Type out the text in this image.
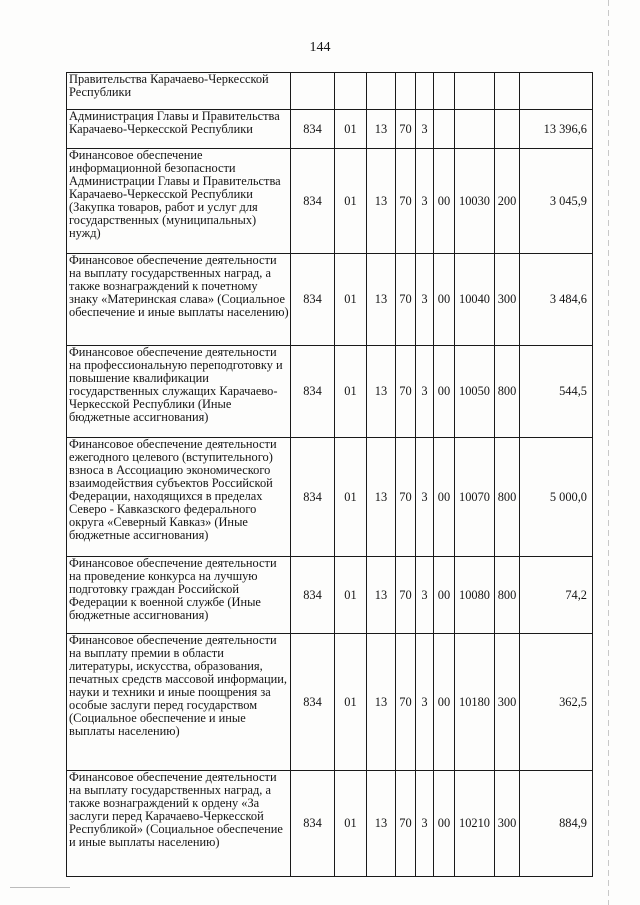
144
Правительства Карачаево-Черкесской Республики									
Администрация Главы и Правительства Карачаево-Черкесской Республики	834	01	13	70	3				13 396,6
Финансовое обеспечение информационной безопасности Администрации Главы и Правительства Карачаево-Черкесской Республики (Закупка товаров, работ и услуг для государственных (муниципальных) нужд)	834	01	13	70	3	00	10030	200	3 045,9
Финансовое обеспечение деятельности на выплату государственных наград, а также вознаграждений к почетному знаку «Материнская слава» (Социальное обеспечение и иные выплаты населению)	834	01	13	70	3	00	10040	300	3 484,6
Финансовое обеспечение деятельности на профессиональную переподготовку и повышение квалификации государственных служащих Карачаево-Черкесской Республики (Иные бюджетные ассигнования)	834	01	13	70	3	00	10050	800	544,5
Финансовое обеспечение деятельности ежегодного целевого (вступительного) взноса в Ассоциацию экономического взаимодействия субъектов Российской Федерации, находящихся в пределах Северо - Кавказского федерального округа «Северный Кавказ» (Иные бюджетные ассигнования)	834	01	13	70	3	00	10070	800	5 000,0
Финансовое обеспечение деятельности на проведение конкурса на лучшую подготовку граждан Российской Федерации к военной службе (Иные бюджетные ассигнования)	834	01	13	70	3	00	10080	800	74,2
Финансовое обеспечение деятельности на выплату премии в области литературы, искусства, образования, печатных средств массовой информации, науки и техники и иные поощрения за особые заслуги перед государством (Социальное обеспечение и иные выплаты населению)	834	01	13	70	3	00	10180	300	362,5
Финансовое обеспечение деятельности на выплату государственных наград, а также вознаграждений к ордену «За заслуги перед Карачаево-Черкесской Республикой» (Социальное обеспечение и иные выплаты населению)	834	01	13	70	3	00	10210	300	884,9
